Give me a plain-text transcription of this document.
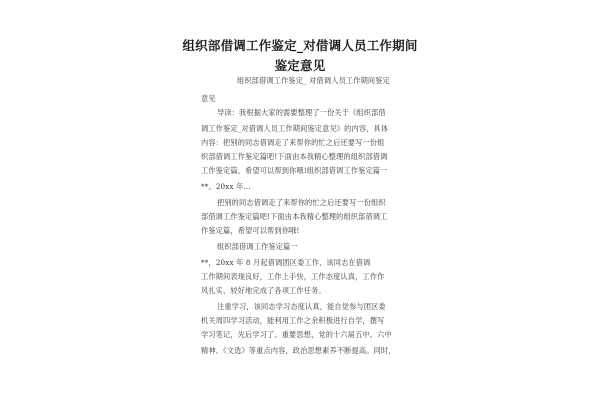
组织部借调工作鉴定_对借调人员工作期间
鉴定意见
组织部借调工作鉴定_ 对借调人员工作期间鉴定
意见
导读：我根据大家的需要整理了一份关于《组织部借
调工作鉴定_对借调人员工作期间鉴定意见》的内容，具体
内容：把别的同志借调走了来帮你的忙之后还要写一份组
织部借调工作鉴定篇吧!下面由本我精心整理的组织部借调
工作鉴定篇，希望可以帮到你哦!组织部借调工作鉴定篇一
**。20xx 年...
把别的同志借调走了来帮你的忙之后还要写一份组织
部借调工作鉴定篇吧!下面由本我精心整理的组织部借调工
作鉴定篇，希望可以帮到你哦!
组织部借调工作鉴定篇一
**，20xx 年 8 月起借调团区委工作，该同志在借调
工作期间表现良好，工作上手快，工作态度认真，工作作
风扎实，较好地完成了各项工作任务。
注重学习，该同志学习态度认真，能自觉参与团区委
机关周四学习活动，能利用工作之余积极进行自学，撰写
学习笔记，先后学习了、重要思想，党的十六届五中、六中
精神、《文选》等重点内容，政治思想素养不断提高。同时，
